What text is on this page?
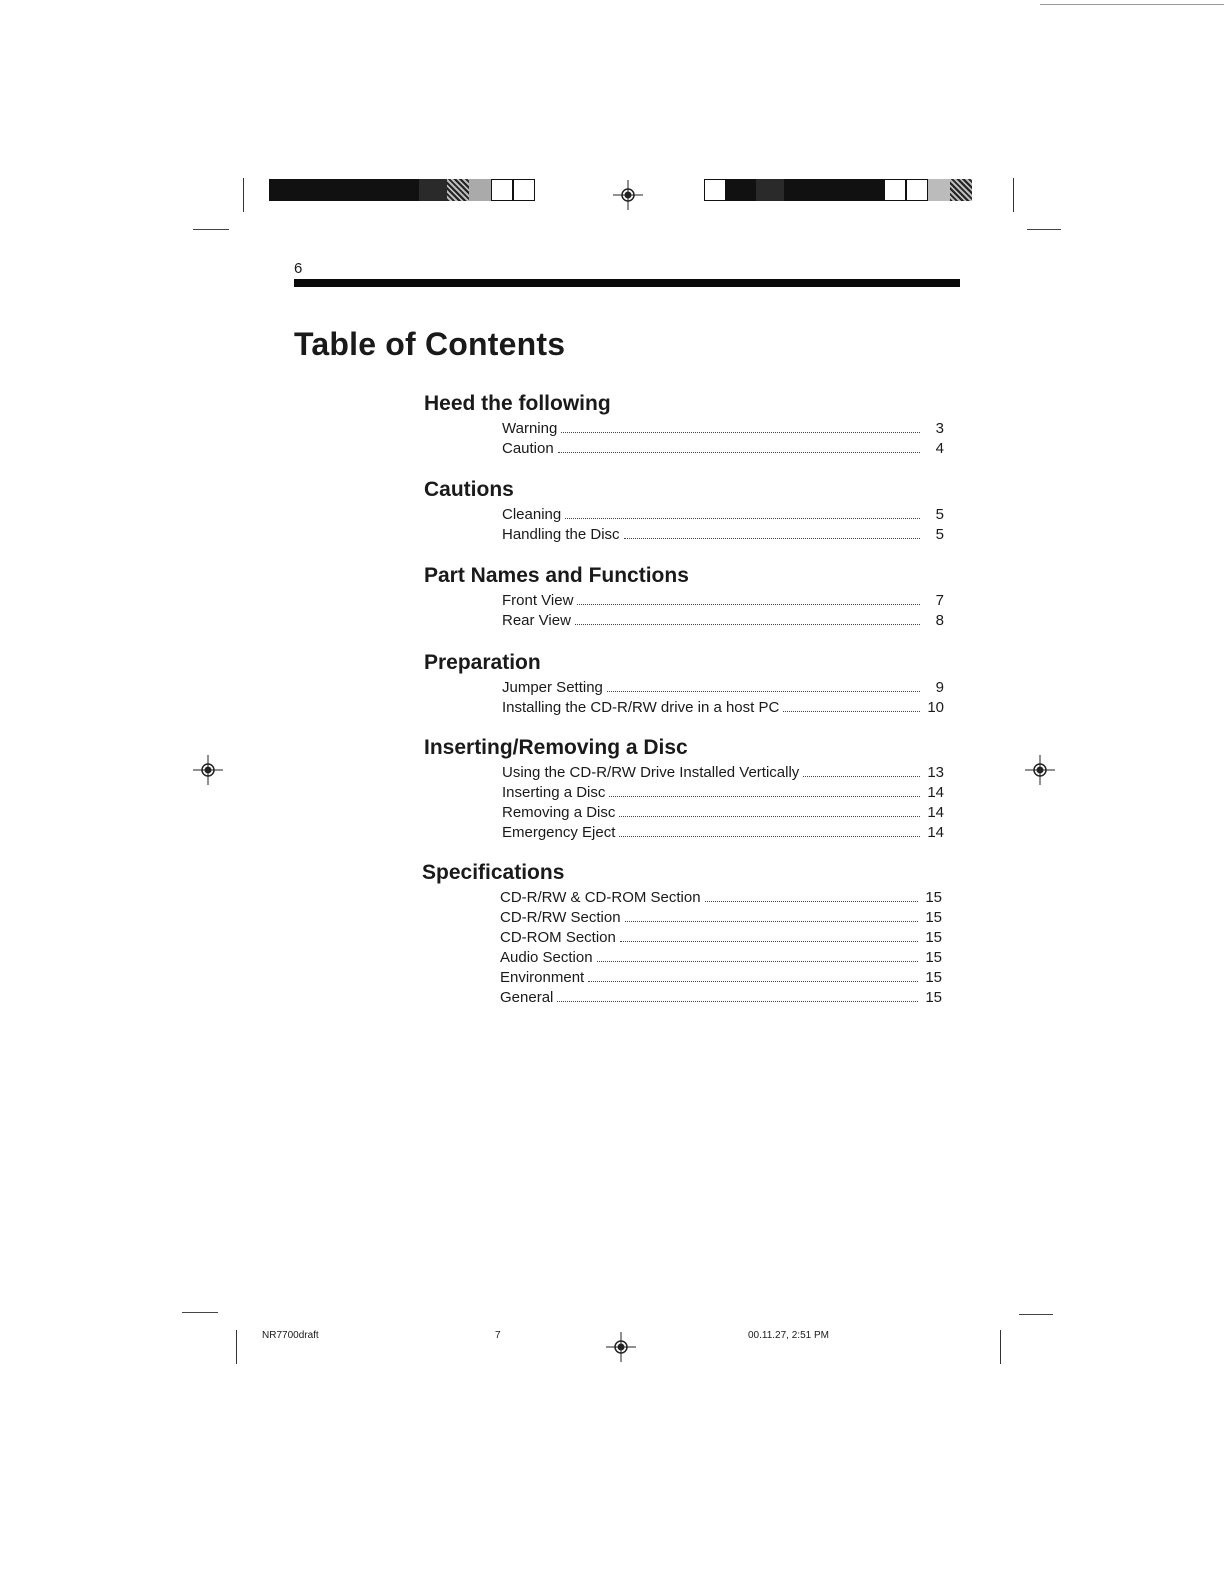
6
Table of Contents
Heed the following
Warning	3
Caution	4
Cautions
Cleaning	5
Handling the Disc	5
Part Names and Functions
Front View	7
Rear View	8
Preparation
Jumper Setting	9
Installing the CD-R/RW drive in a host PC	10
Inserting/Removing a Disc
Using the CD-R/RW Drive Installed Vertically	13
Inserting a Disc	14
Removing a Disc	14
Emergency Eject	14
Specifications
CD-R/RW & CD-ROM Section	15
CD-R/RW Section	15
CD-ROM Section	15
Audio Section	15
Environment	15
General	15
NR7700draft	7	00.11.27, 2:51 PM
